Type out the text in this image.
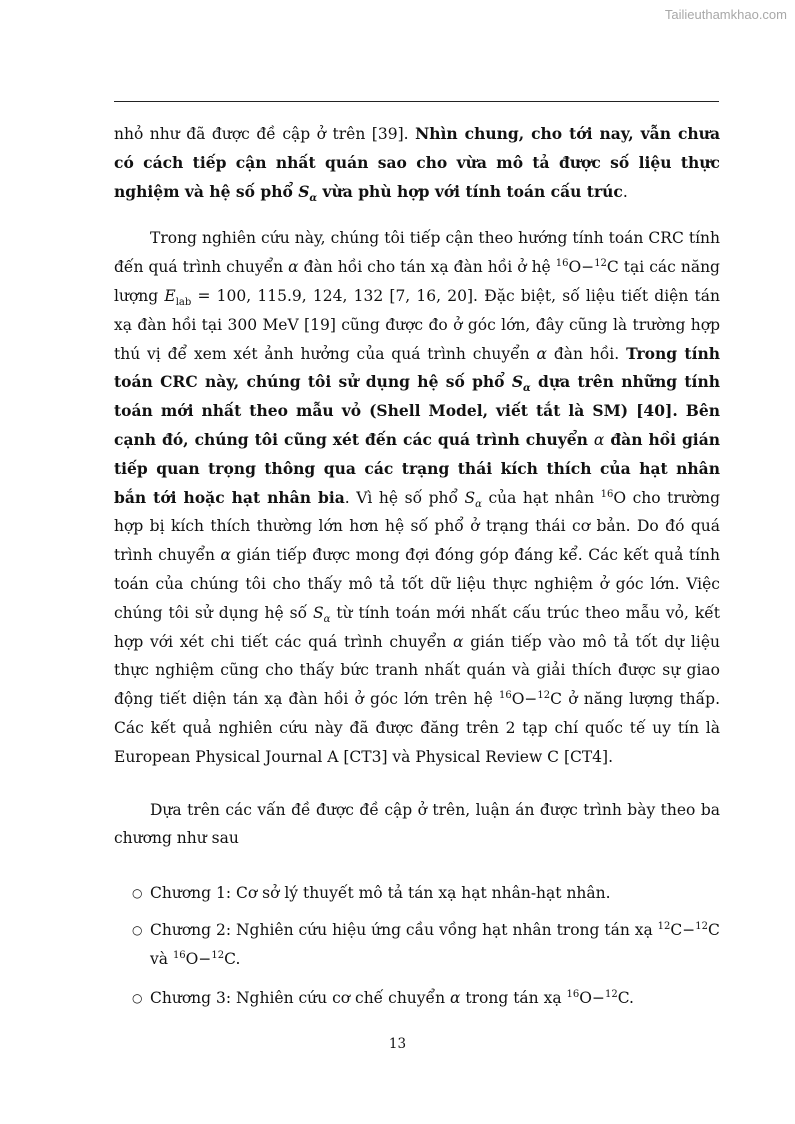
Tailieuthamkhao.com

nhỏ như đã được đề cập ở trên [39]. Nhìn chung, cho tới nay, vẫn chưa có cách tiếp cận nhất quán sao cho vừa mô tả được số liệu thực nghiệm và hệ số phổ $S_\alpha$ vừa phù hợp với tính toán cấu trúc.

Trong nghiên cứu này, chúng tôi tiếp cận theo hướng tính toán CRC tính đến quá trình chuyển α đàn hồi cho tán xạ đàn hồi ở hệ $^{16}$O−$^{12}$C tại các năng lượng $E_{lab} = 100$, 115.9, 124, 132 [7, 16, 20]. Đặc biệt, số liệu tiết diện tán xạ đàn hồi tại 300 MeV [19] cũng được đo ở góc lớn, đây cũng là trường hợp thú vị để xem xét ảnh hưởng của quá trình chuyển α đàn hồi. Trong tính toán CRC này, chúng tôi sử dụng hệ số phổ $S_\alpha$ dựa trên những tính toán mới nhất theo mẫu vỏ (Shell Model, viết tắt là SM) [40]. Bên cạnh đó, chúng tôi cũng xét đến các quá trình chuyển α đàn hồi gián tiếp quan trọng thông qua các trạng thái kích thích của hạt nhân bắn tới hoặc hạt nhân bia. Vì hệ số phổ $S_\alpha$ của hạt nhân $^{16}$O cho trường hợp bị kích thích thường lớn hơn hệ số phổ ở trạng thái cơ bản. Do đó quá trình chuyển α gián tiếp được mong đợi đóng góp đáng kể. Các kết quả tính toán của chúng tôi cho thấy mô tả tốt dữ liệu thực nghiệm ở góc lớn. Việc chúng tôi sử dụng hệ số $S_\alpha$ từ tính toán mới nhất cấu trúc theo mẫu vỏ, kết hợp với xét chi tiết các quá trình chuyển α gián tiếp vào mô tả tốt dự liệu thực nghiệm cũng cho thấy bức tranh nhất quán và giải thích được sự giao động tiết diện tán xạ đàn hồi ở góc lớn trên hệ $^{16}$O−$^{12}$C ở năng lượng thấp. Các kết quả nghiên cứu này đã được đăng trên 2 tạp chí quốc tế uy tín là European Physical Journal A [CT3] và Physical Review C [CT4].

Dựa trên các vấn đề được đề cập ở trên, luận án được trình bày theo ba chương như sau

○ Chương 1: Cơ sở lý thuyết mô tả tán xạ hạt nhân-hạt nhân.
○ Chương 2: Nghiên cứu hiệu ứng cầu vồng hạt nhân trong tán xạ $^{12}$C−$^{12}$C và $^{16}$O−$^{12}$C.
○ Chương 3: Nghiên cứu cơ chế chuyển α trong tán xạ $^{16}$O−$^{12}$C.
13
